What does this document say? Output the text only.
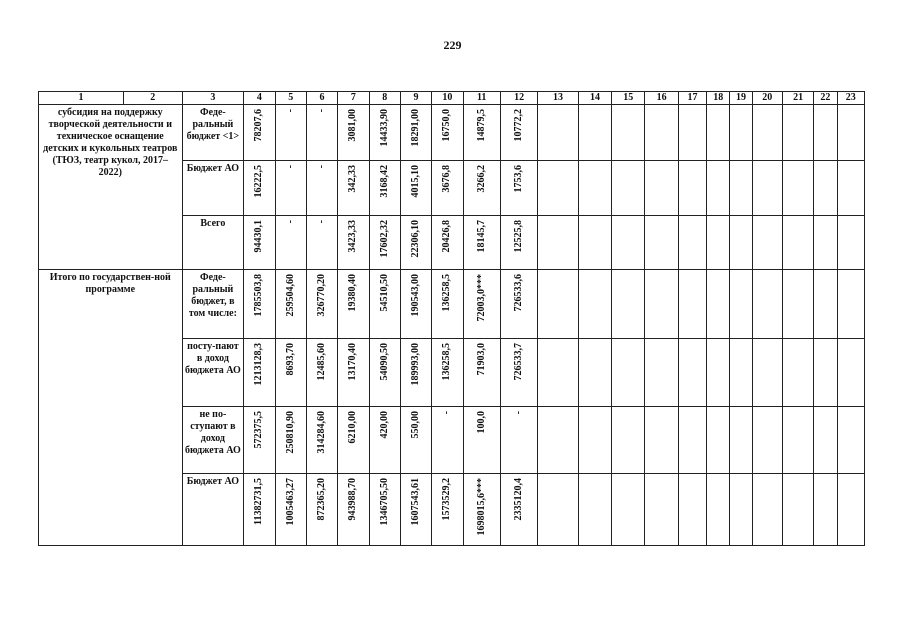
229
1	2	3	4	5	6	7	8	9	10	11	12	13	14	15	16	17	18	19	20	21	22	23
субсидия на поддержку творческой деятельности и техническое оснащение детских и кукольных театров (ТЮЗ, театр кукол, 2017–2022)		Феде-ральный бюджет <1>	78207,6	-	-	3081,00	14433,90	18291,00	16750,0	14879,5	10772,2											

		Бюджет АО	16222,5	-	-	342,33	3168,42	4015,10	3676,8	3266,2	1753,6											

		Всего	94430,1	-	-	3423,33	17602,32	22306,10	20426,8	18145,7	12525,8											

Итого по государствен-ной программе		Феде-ральный бюджет, в том числе:	1785503,8	259504,60	326770,20	19380,40	54510,50	190543,00	136258,5	72003,0***	726533,6											

		посту-пают в доход бюджета АО	1213128,3	8693,70	12485,60	13170,40	54090,50	189993,00	136258,5	71903,0	726533,7											

		не по-ступают в доход бюджета АО	572375,5	250810,90	314284,60	6210,00	420,00	550,00	-	100,0	-											

		Бюджет АО	11382731,5	1005463,27	872365,20	943988,70	1346705,50	1607543,61	1573529,2	1698015,6***	2335120,4											
